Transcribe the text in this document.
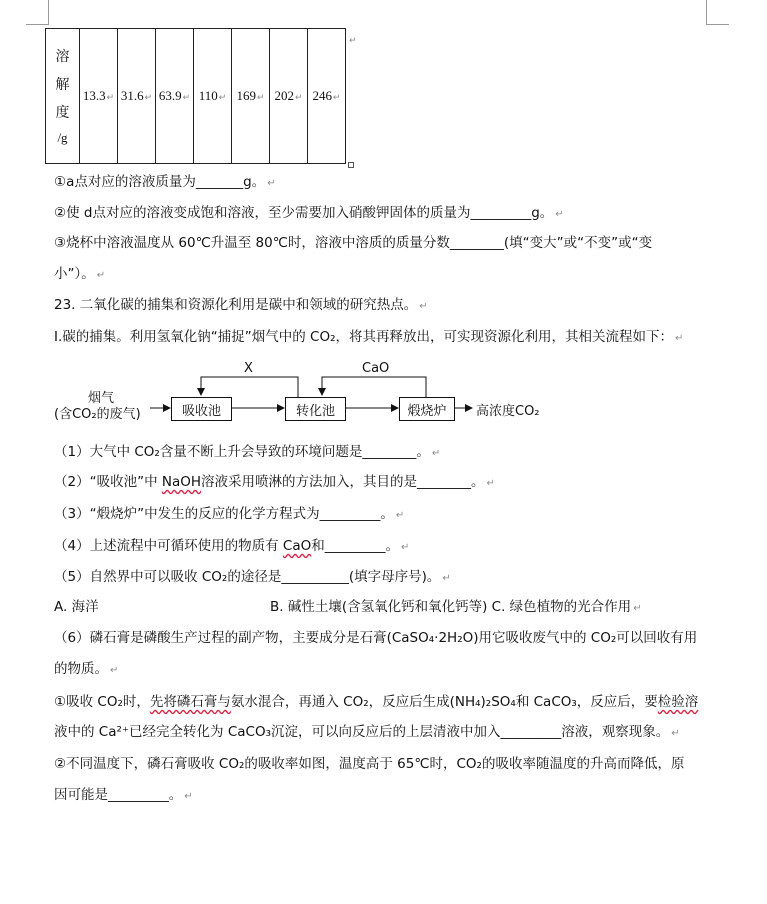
溶
解
度
/g
	13.3↵	31.6↵	63.9↵	110↵	169↵	202↵	246↵
↵
①a点对应的溶液质量为_______g。 ↵
②使 d点对应的溶液变成饱和溶液，至少需要加入硝酸钾固体的质量为_________g。 ↵
③烧杯中溶液温度从 60℃升温至 80℃时，溶液中溶质的质量分数________(填“变大”或“不变”或“变
小”）。 ↵
23. 二氧化碳的捕集和资源化利用是碳中和领域的研究热点。 ↵
Ⅰ.碳的捕集。利用氢氧化钠“捕捉”烟气中的 CO₂，将其再释放出，可实现资源化利用，其相关流程如下： ↵
烟气
(含CO₂的废气)	吸收池	转化池	煅烧炉	高浓度CO₂
X	CaO
（1）大气中 CO₂含量不断上升会导致的环境问题是________。 ↵
（2）“吸收池”中 NaOH溶液采用喷淋的方法加入，其目的是________。 ↵
（3）“煅烧炉”中发生的反应的化学方程式为_________。 ↵
（4）上述流程中可循环使用的物质有 CaO和_________。 ↵
（5）自然界中可以吸收 CO₂的途径是__________(填字母序号)。 ↵
A. 海洋	B. 碱性土壤(含氢氧化钙和氧化钙等) C. 绿色植物的光合作用 ↵
（6）磷石膏是磷酸生产过程的副产物，主要成分是石膏(CaSO₄·2H₂O)用它吸收废气中的 CO₂可以回收有用
的物质。 ↵
①吸收 CO₂时，先将磷石膏与氨水混合，再通入 CO₂，反应后生成(NH₄)₂SO₄和 CaCO₃，反应后，要检验溶
液中的 Ca²⁺已经完全转化为 CaCO₃沉淀，可以向反应后的上层清液中加入_________溶液，观察现象。 ↵
②不同温度下，磷石膏吸收 CO₂的吸收率如图，温度高于 65℃时，CO₂的吸收率随温度的升高而降低，原
因可能是_________。 ↵
